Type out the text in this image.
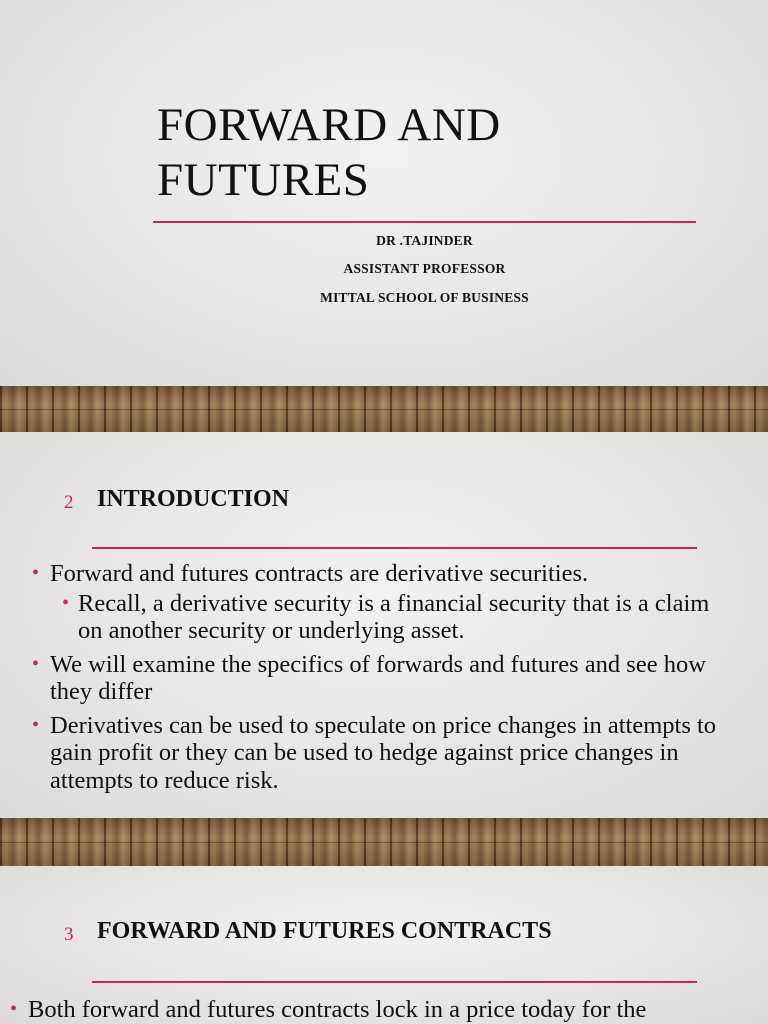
FORWARD AND FUTURES
DR .TAJINDER
ASSISTANT PROFESSOR
MITTAL SCHOOL OF BUSINESS
2 INTRODUCTION
• Forward and futures contracts are derivative securities.
• Recall, a derivative security is a financial security that is a claim on another security or underlying asset.
• We will examine the specifics of forwards and futures and see how they differ
• Derivatives can be used to speculate on price changes in attempts to gain profit or they can be used to hedge against price changes in attempts to reduce risk.
3 FORWARD AND FUTURES CONTRACTS
• Both forward and futures contracts lock in a price today for the
